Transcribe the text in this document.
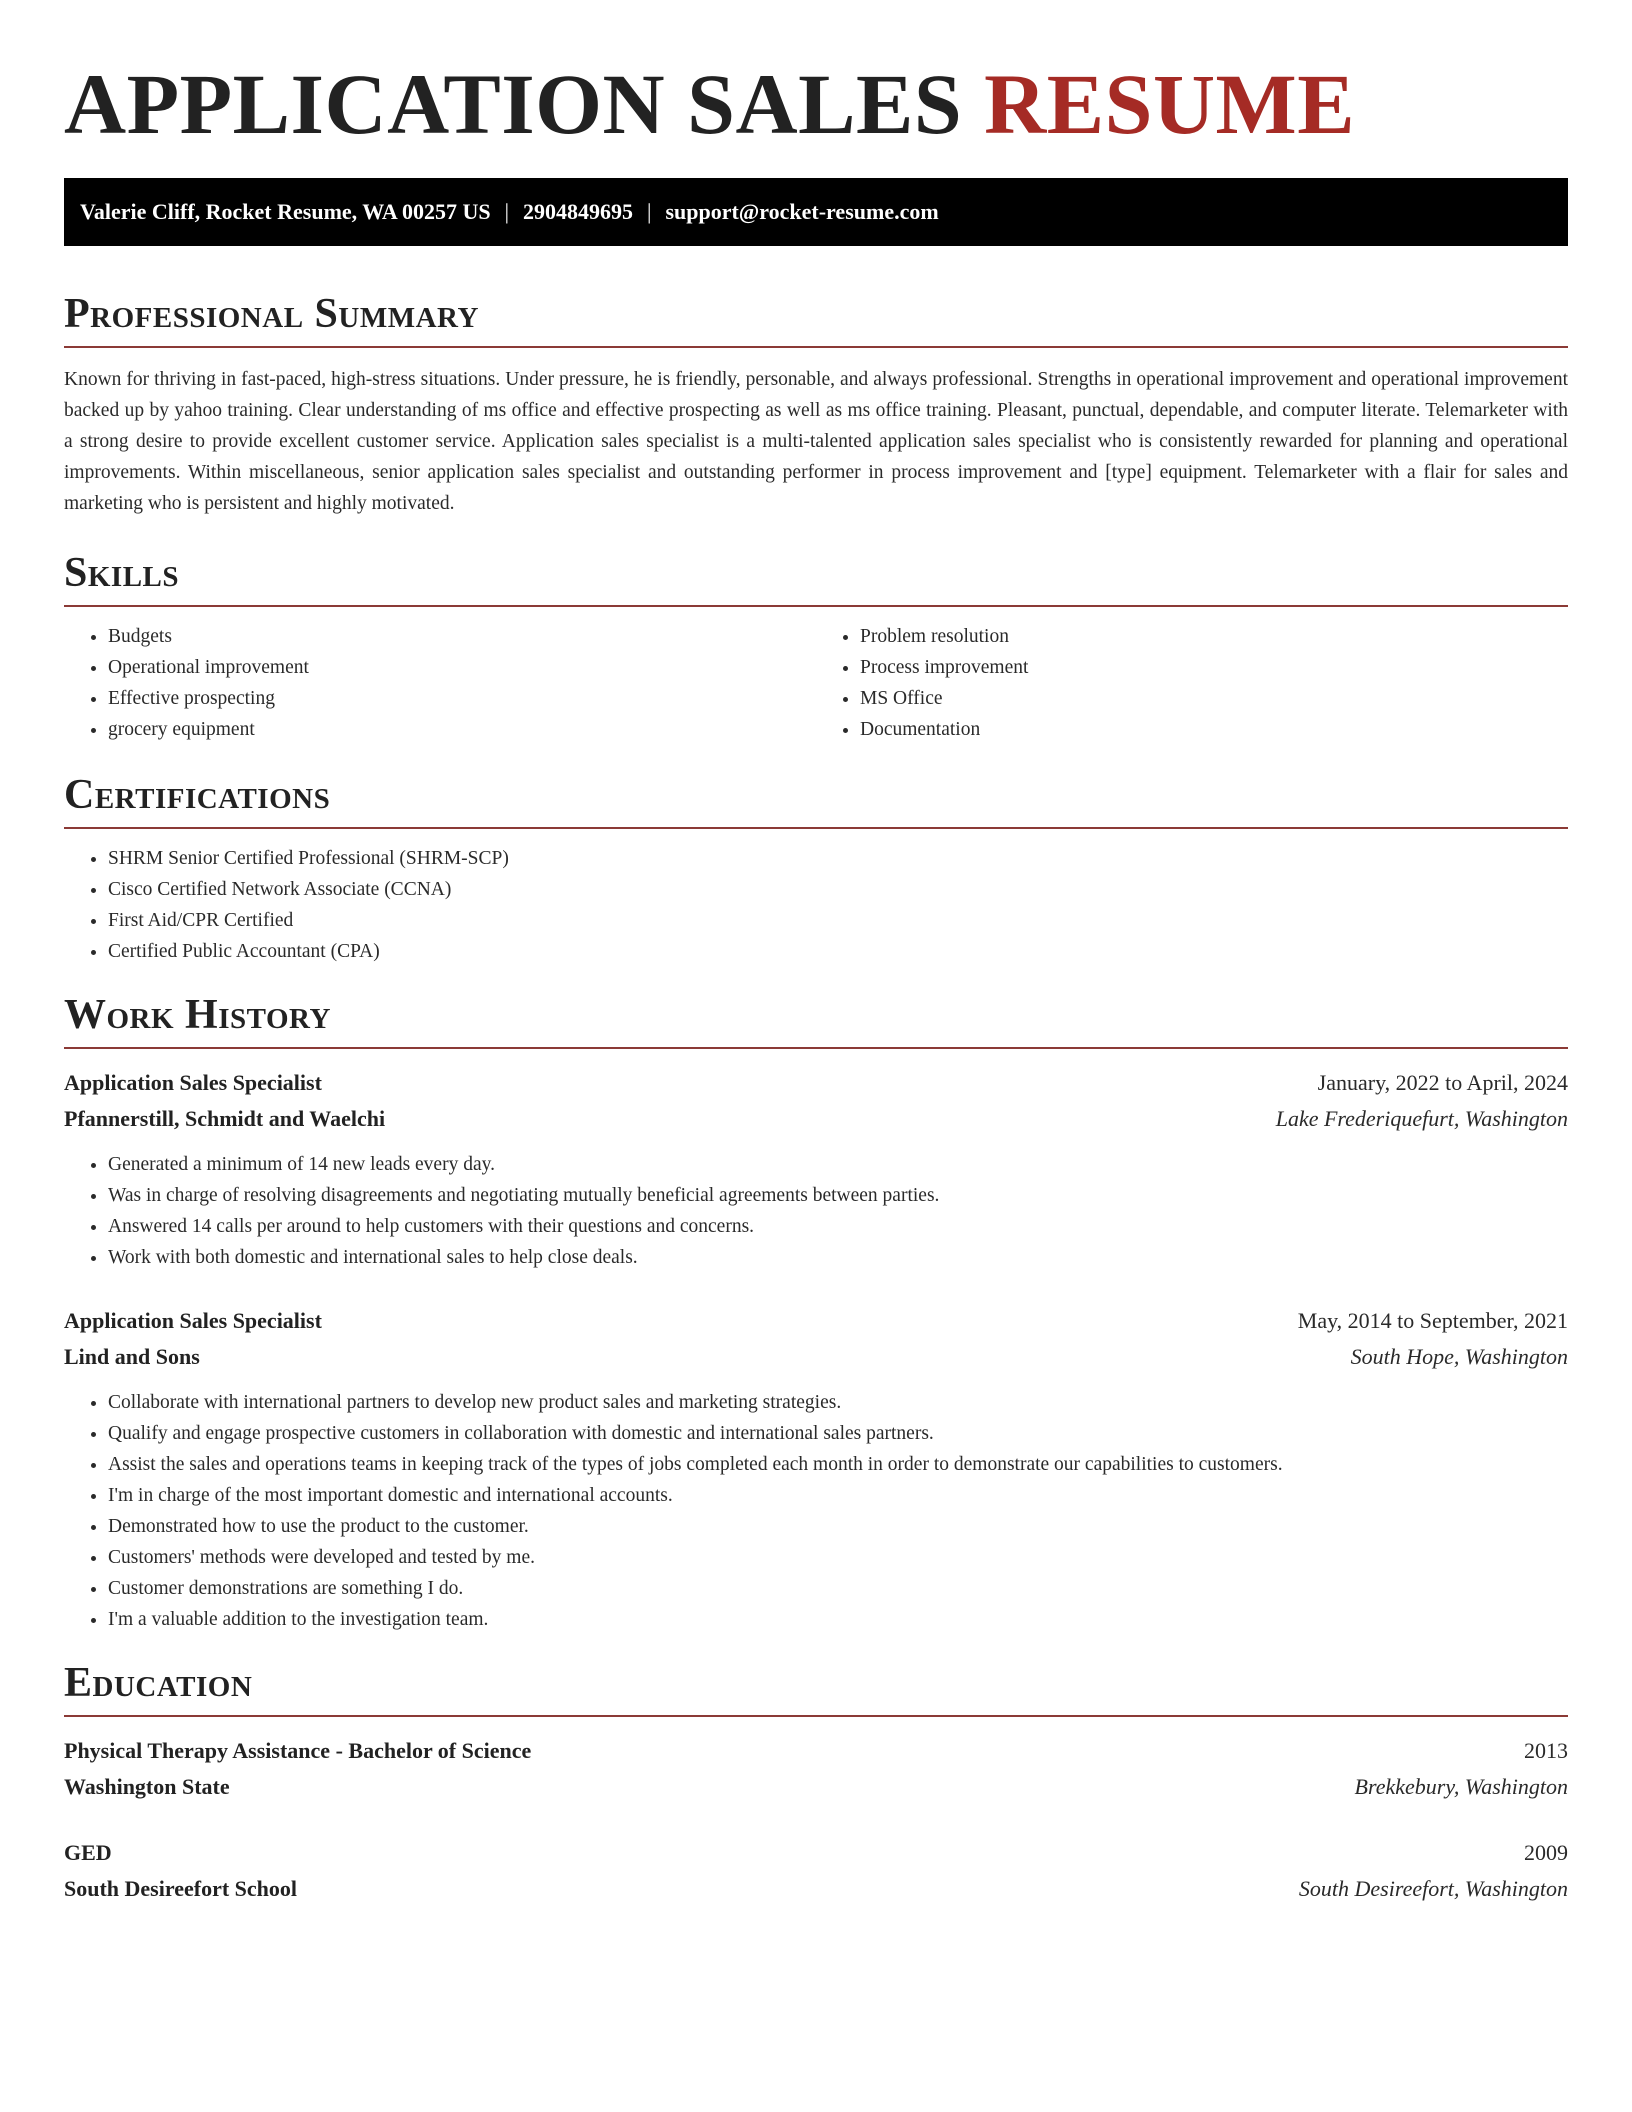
APPLICATION SALES RESUME
Valerie Cliff, Rocket Resume, WA 00257 US | 2904849695 | support@rocket-resume.com
Professional Summary

Known for thriving in fast-paced, high-stress situations. Under pressure, he is friendly, personable, and always professional. Strengths in operational improvement and operational improvement backed up by yahoo training. Clear understanding of ms office and effective prospecting as well as ms office training. Pleasant, punctual, dependable, and computer literate. Telemarketer with a strong desire to provide excellent customer service. Application sales specialist is a multi-talented application sales specialist who is consistently rewarded for planning and operational improvements. Within miscellaneous, senior application sales specialist and outstanding performer in process improvement and [type] equipment. Telemarketer with a flair for sales and marketing who is persistent and highly motivated.

Skills
• Budgets
• Operational improvement
• Effective prospecting
• grocery equipment
• Problem resolution
• Process improvement
• MS Office
• Documentation
Certifications
• SHRM Senior Certified Professional (SHRM-SCP)
• Cisco Certified Network Associate (CCNA)
• First Aid/CPR Certified
• Certified Public Accountant (CPA)
Work History
Application Sales Specialist	January, 2022 to April, 2024
Pfannerstill, Schmidt and Waelchi	Lake Frederiquefurt, Washington
• Generated a minimum of 14 new leads every day.
• Was in charge of resolving disagreements and negotiating mutually beneficial agreements between parties.
• Answered 14 calls per around to help customers with their questions and concerns.
• Work with both domestic and international sales to help close deals.
Application Sales Specialist	May, 2014 to September, 2021
Lind and Sons	South Hope, Washington
• Collaborate with international partners to develop new product sales and marketing strategies.
• Qualify and engage prospective customers in collaboration with domestic and international sales partners.
• Assist the sales and operations teams in keeping track of the types of jobs completed each month in order to demonstrate our capabilities to customers.
• I'm in charge of the most important domestic and international accounts.
• Demonstrated how to use the product to the customer.
• Customers' methods were developed and tested by me.
• Customer demonstrations are something I do.
• I'm a valuable addition to the investigation team.
Education
Physical Therapy Assistance - Bachelor of Science	2013
Washington State	Brekkebury, Washington
GED	2009
South Desireefort School	South Desireefort, Washington
